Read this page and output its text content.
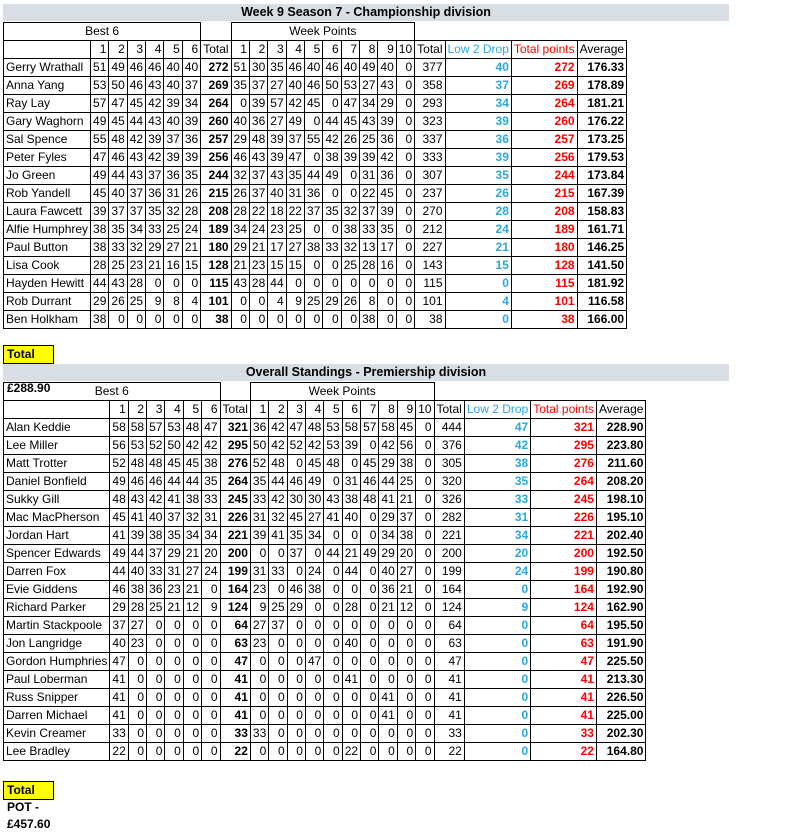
Week 9 Season 7 - Championship division
Best 6								Week Points													
	1	2	3	4	5	6	Total	1	2	3	4	5	6	7	8	9	10	Total	Low 2 Drop	Total points	Average
Gerry Wrathall	51	49	46	46	40	40	272	51	30	35	46	40	46	40	49	40	0	377	40	272	176.33
Anna Yang	53	50	46	43	40	37	269	35	37	27	40	46	50	53	27	43	0	358	37	269	178.89
Ray Lay	57	47	45	42	39	34	264	0	39	57	42	45	0	47	34	29	0	293	34	264	181.21
Gary Waghorn	49	45	44	43	40	39	260	40	36	27	49	0	44	45	43	39	0	323	39	260	176.22
Sal Spence	55	48	42	39	37	36	257	29	48	39	37	55	42	26	25	36	0	337	36	257	173.25
Peter Fyles	47	46	43	42	39	39	256	46	43	39	47	0	38	39	39	42	0	333	39	256	179.53
Jo Green	49	44	43	37	36	35	244	32	37	43	35	44	49	0	31	36	0	307	35	244	173.84
Rob Yandell	45	40	37	36	31	26	215	26	37	40	31	36	0	0	22	45	0	237	26	215	167.39
Laura Fawcett	39	37	37	35	32	28	208	28	22	18	22	37	35	32	37	39	0	270	28	208	158.83
Alfie Humphrey	38	35	34	33	25	24	189	34	24	23	25	0	0	38	33	35	0	212	24	189	161.71
Paul Button	38	33	32	29	27	21	180	29	21	17	27	38	33	32	13	17	0	227	21	180	146.25
Lisa Cook	28	25	23	21	16	15	128	21	23	15	15	0	0	25	28	16	0	143	15	128	141.50
Hayden Hewitt	44	43	28	0	0	0	115	43	28	44	0	0	0	0	0	0	0	115	0	115	181.92
Rob Durrant	29	26	25	9	8	4	101	0	0	4	9	25	29	26	8	0	0	101	4	101	116.58
Ben Holkham	38	0	0	0	0	0	38	0	0	0	0	0	0	0	38	0	0	38	0	38	166.00
Total £288.90
Overall Standings - Premiership division
Best 6								Week Points													
	1	2	3	4	5	6	Total	1	2	3	4	5	6	7	8	9	10	Total	Low 2 Drop	Total points	Average
Alan Keddie	58	58	57	53	48	47	321	36	42	47	48	53	58	57	58	45	0	444	47	321	228.90
Lee Miller	56	53	52	50	42	42	295	50	42	52	42	53	39	0	42	56	0	376	42	295	223.80
Matt Trotter	52	48	48	45	45	38	276	52	48	0	45	48	0	45	29	38	0	305	38	276	211.60
Daniel Bonfield	49	46	46	44	44	35	264	35	44	46	49	0	31	46	44	25	0	320	35	264	208.20
Sukky Gill	48	43	42	41	38	33	245	33	42	30	30	43	38	48	41	21	0	326	33	245	198.10
Mac MacPherson	45	41	40	37	32	31	226	31	32	45	27	41	40	0	29	37	0	282	31	226	195.10
Jordan Hart	41	39	38	35	34	34	221	39	41	35	34	0	0	0	34	38	0	221	34	221	202.40
Spencer Edwards	49	44	37	29	21	20	200	0	0	37	0	44	21	49	29	20	0	200	20	200	192.50
Darren Fox	44	40	33	31	27	24	199	31	33	0	24	0	44	0	40	27	0	199	24	199	190.80
Evie Giddens	46	38	36	23	21	0	164	23	0	46	38	0	0	0	36	21	0	164	0	164	192.90
Richard Parker	29	28	25	21	12	9	124	9	25	29	0	0	28	0	21	12	0	124	9	124	162.90
Martin Stackpoole	37	27	0	0	0	0	64	27	37	0	0	0	0	0	0	0	0	64	0	64	195.50
Jon Langridge	40	23	0	0	0	0	63	23	0	0	0	0	40	0	0	0	0	63	0	63	191.90
Gordon Humphries	47	0	0	0	0	0	47	0	0	0	47	0	0	0	0	0	0	47	0	47	225.50
Paul Loberman	41	0	0	0	0	0	41	0	0	0	0	0	41	0	0	0	0	41	0	41	213.30
Russ Snipper	41	0	0	0	0	0	41	0	0	0	0	0	0	0	41	0	0	41	0	41	226.50
Darren Michael	41	0	0	0	0	0	41	0	0	0	0	0	0	0	41	0	0	41	0	41	225.00
Kevin Creamer	33	0	0	0	0	0	33	33	0	0	0	0	0	0	0	0	0	33	0	33	202.30
Lee Bradley	22	0	0	0	0	0	22	0	0	0	0	0	22	0	0	0	0	22	0	22	164.80
Total POT - £457.60
